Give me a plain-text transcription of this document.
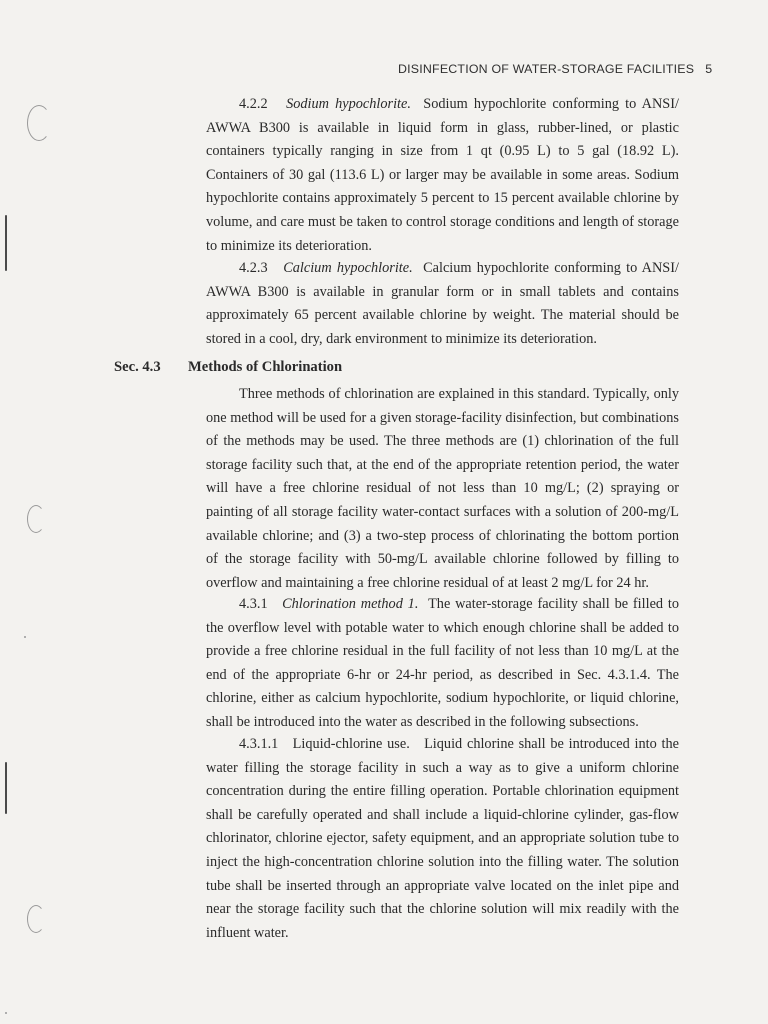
DISINFECTION OF WATER-STORAGE FACILITIES 5

4.2.2 Sodium hypochlorite. Sodium hypochlorite conforming to ANSI/ AWWA B300 is available in liquid form in glass, rubber-lined, or plastic containers typically ranging in size from 1 qt (0.95 L) to 5 gal (18.92 L). Containers of 30 gal (113.6 L) or larger may be available in some areas. Sodium hypochlorite contains approximately 5 percent to 15 percent available chlorine by volume, and care must be taken to control storage conditions and length of storage to minimize its deterioration.

4.2.3 Calcium hypochlorite. Calcium hypochlorite conforming to ANSI/ AWWA B300 is available in granular form or in small tablets and contains approximately 65 percent available chlorine by weight. The material should be stored in a cool, dry, dark environment to minimize its deterioration.

Sec. 4.3 Methods of Chlorination

Three methods of chlorination are explained in this standard. Typically, only one method will be used for a given storage-facility disinfection, but combinations of the methods may be used. The three methods are (1) chlorination of the full storage facility such that, at the end of the appropriate retention period, the water will have a free chlorine residual of not less than 10 mg/L; (2) spraying or painting of all storage facility water-contact surfaces with a solution of 200-mg/L available chlorine; and (3) a two-step process of chlorinating the bottom portion of the storage facility with 50-mg/L available chlorine followed by filling to overflow and maintaining a free chlorine residual of at least 2 mg/L for 24 hr.

4.3.1 Chlorination method 1. The water-storage facility shall be filled to the overflow level with potable water to which enough chlorine shall be added to provide a free chlorine residual in the full facility of not less than 10 mg/L at the end of the appropriate 6-hr or 24-hr period, as described in Sec. 4.3.1.4. The chlorine, either as calcium hypochlorite, sodium hypochlorite, or liquid chlorine, shall be introduced into the water as described in the following subsections.

4.3.1.1 Liquid-chlorine use. Liquid chlorine shall be introduced into the water filling the storage facility in such a way as to give a uniform chlorine concentration during the entire filling operation. Portable chlorination equipment shall be carefully operated and shall include a liquid-chlorine cylinder, gas-flow chlorinator, chlorine ejector, safety equipment, and an appropriate solution tube to inject the high-concentration chlorine solution into the filling water. The solution tube shall be inserted through an appropriate valve located on the inlet pipe and near the storage facility such that the chlorine solution will mix readily with the influent water.
